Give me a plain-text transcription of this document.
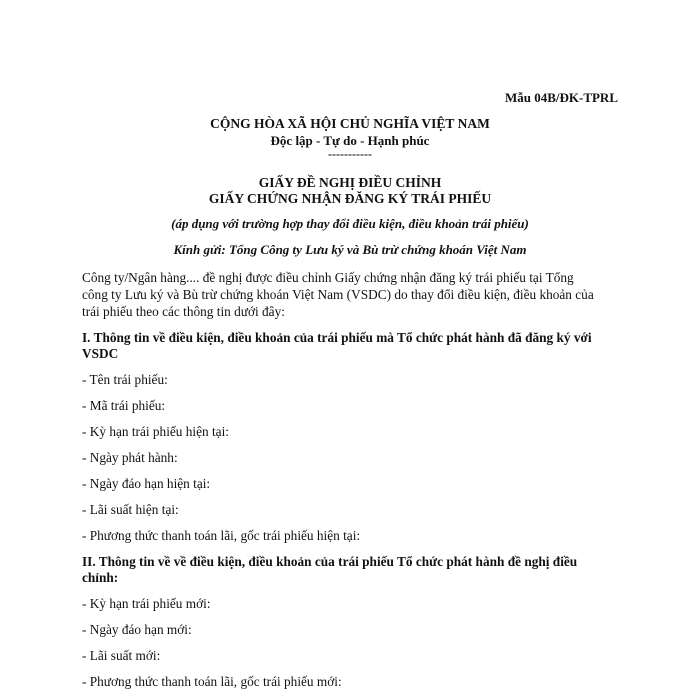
Mẫu 04B/ĐK-TPRL
CỘNG HÒA XÃ HỘI CHỦ NGHĨA VIỆT NAM
Độc lập - Tự do - Hạnh phúc
-----------
GIẤY ĐỀ NGHỊ ĐIỀU CHỈNH
GIẤY CHỨNG NHẬN ĐĂNG KÝ TRÁI PHIẾU
(áp dụng với trường hợp thay đổi điều kiện, điều khoản trái phiếu)
Kính gửi: Tổng Công ty Lưu ký và Bù trừ chứng khoán Việt Nam
Công ty/Ngân hàng.... đề nghị được điều chỉnh Giấy chứng nhận đăng ký trái phiếu tại Tổng
công ty Lưu ký và Bù trừ chứng khoán Việt Nam (VSDC) do thay đổi điều kiện, điều khoản của
trái phiếu theo các thông tin dưới đây:
I. Thông tin về điều kiện, điều khoản của trái phiếu mà Tổ chức phát hành đã đăng ký với
VSDC
- Tên trái phiếu:
- Mã trái phiếu:
- Kỳ hạn trái phiếu hiện tại:
- Ngày phát hành:
- Ngày đáo hạn hiện tại:
- Lãi suất hiện tại:
- Phương thức thanh toán lãi, gốc trái phiếu hiện tại:
II. Thông tin về về điều kiện, điều khoản của trái phiếu Tổ chức phát hành đề nghị điều
chỉnh:
- Kỳ hạn trái phiếu mới:
- Ngày đáo hạn mới:
- Lãi suất mới:
- Phương thức thanh toán lãi, gốc trái phiếu mới:
